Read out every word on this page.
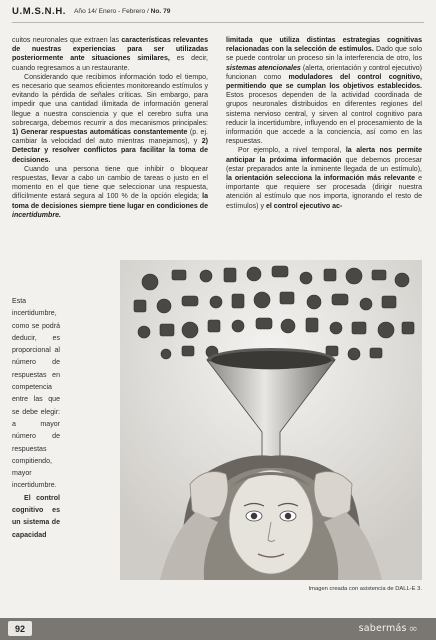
U.M.S.N.H. Año 14/ Enero - Febrero / No. 79

cuitos neuronales que extraen las características relevantes de nuestras experiencias para ser utilizadas posteriormente ante situaciones similares, es decir, cuando regresamos a un restaurante.

Considerando que recibimos información todo el tiempo, es necesario que seamos eficientes monitoreando estímulos y evitando la pérdida de señales críticas. Sin embargo, para impedir que una cantidad ilimitada de información general llegue a nuestra consciencia y que el cerebro sufra una sobrecarga, debemos recurrir a dos mecanismos principales: 1) Generar respuestas automáticas constantemente (p. ej. cambiar la velocidad del auto mientras manejamos), y 2) Detectar y resolver conflictos para facilitar la toma de decisiones.

Cuando una persona tiene que inhibir o bloquear respuestas, llevar a cabo un cambio de tareas o justo en el momento en el que tiene que seleccionar una respuesta, difícilmente estará segura al 100 % de la opción elegida; la toma de decisiones siempre tiene lugar en condiciones de incertidumbre.

Esta incertidumbre, como se podrá deducir, es proporcional al número de respuestas en competencia entre las que se debe elegir: a mayor número de respuestas compitiendo, mayor incertidumbre.

El control cognitivo es un sistema de capacidad

limitada que utiliza distintas estrategias cognitivas relacionadas con la selección de estímulos. Dado que solo se puede controlar un proceso sin la interferencia de otro, los sistemas atencionales (alerta, orientación y control ejecutivo) funcionan como moduladores del control cognitivo, permitiendo que se cumplan los objetivos establecidos. Estos procesos dependen de la actividad coordinada de grupos neuronales distribuidos en diferentes regiones del sistema nervioso central, y sirven al control cognitivo para reducir la incertidumbre, influyendo en el procesamiento de la información que accede a la conciencia, así como en las respuestas.

Por ejemplo, a nivel temporal, la alerta nos permite anticipar la próxima información que debemos procesar (estar preparados ante la inminente llegada de un estímulo), la orientación selecciona la información más relevante e importante que requiere ser procesada (dirigir nuestra atención al estímulo que nos importa, ignorando el resto de estímulos) y el control ejecutivo ac-

Imagen creada con asistencia de DALL-E 3.
92	sabermás ∞
